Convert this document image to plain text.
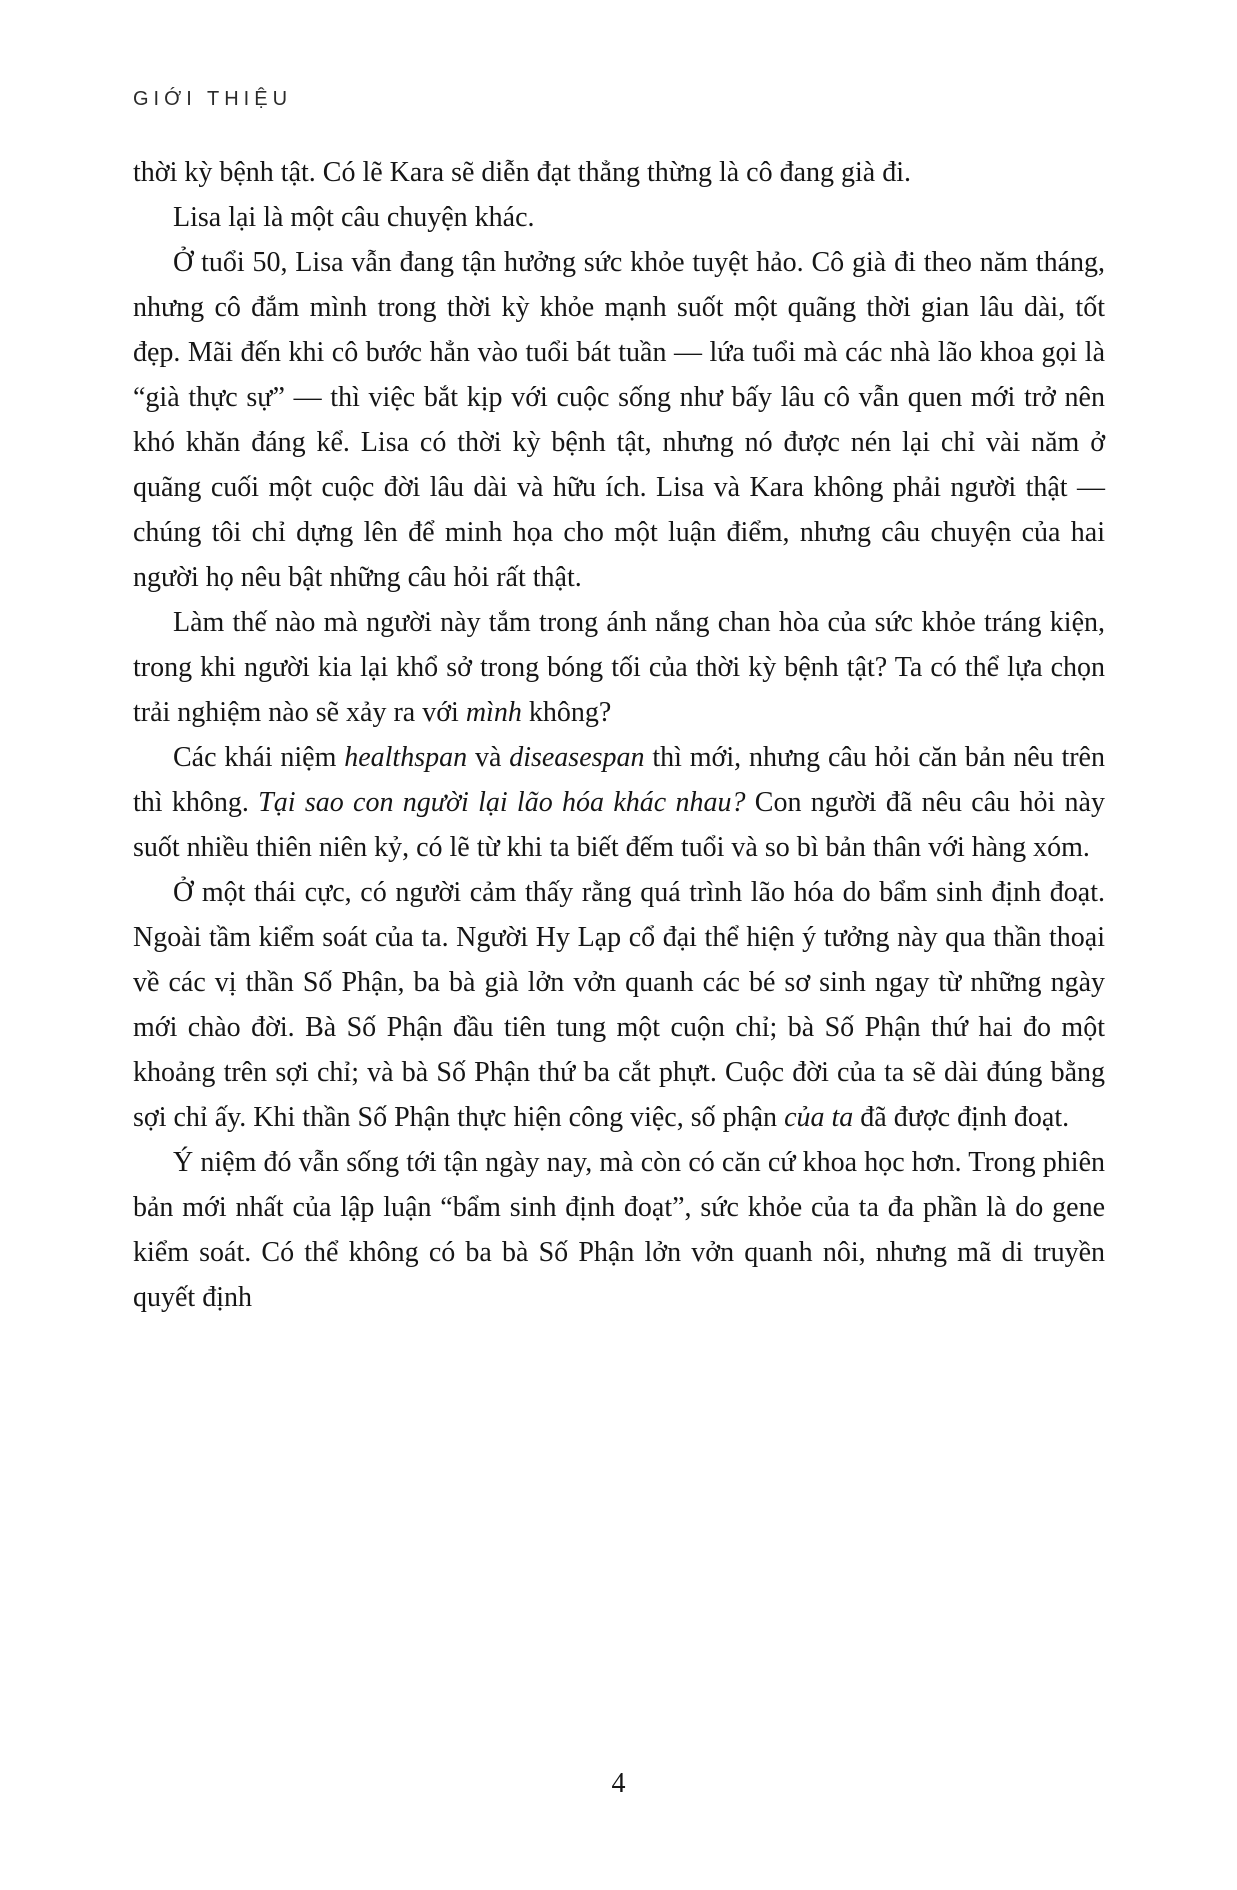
GIỚI THIỆU

thời kỳ bệnh tật. Có lẽ Kara sẽ diễn đạt thẳng thừng là cô đang già đi.

Lisa lại là một câu chuyện khác.

Ở tuổi 50, Lisa vẫn đang tận hưởng sức khỏe tuyệt hảo. Cô già đi theo năm tháng, nhưng cô đắm mình trong thời kỳ khỏe mạnh suốt một quãng thời gian lâu dài, tốt đẹp. Mãi đến khi cô bước hẳn vào tuổi bát tuần — lứa tuổi mà các nhà lão khoa gọi là “già thực sự” — thì việc bắt kịp với cuộc sống như bấy lâu cô vẫn quen mới trở nên khó khăn đáng kể. Lisa có thời kỳ bệnh tật, nhưng nó được nén lại chỉ vài năm ở quãng cuối một cuộc đời lâu dài và hữu ích. Lisa và Kara không phải người thật — chúng tôi chỉ dựng lên để minh họa cho một luận điểm, nhưng câu chuyện của hai người họ nêu bật những câu hỏi rất thật.

Làm thế nào mà người này tắm trong ánh nắng chan hòa của sức khỏe tráng kiện, trong khi người kia lại khổ sở trong bóng tối của thời kỳ bệnh tật? Ta có thể lựa chọn trải nghiệm nào sẽ xảy ra với mình không?

Các khái niệm healthspan và diseasespan thì mới, nhưng câu hỏi căn bản nêu trên thì không. Tại sao con người lại lão hóa khác nhau? Con người đã nêu câu hỏi này suốt nhiều thiên niên kỷ, có lẽ từ khi ta biết đếm tuổi và so bì bản thân với hàng xóm.

Ở một thái cực, có người cảm thấy rằng quá trình lão hóa do bẩm sinh định đoạt. Ngoài tầm kiểm soát của ta. Người Hy Lạp cổ đại thể hiện ý tưởng này qua thần thoại về các vị thần Số Phận, ba bà già lởn vởn quanh các bé sơ sinh ngay từ những ngày mới chào đời. Bà Số Phận đầu tiên tung một cuộn chỉ; bà Số Phận thứ hai đo một khoảng trên sợi chỉ; và bà Số Phận thứ ba cắt phựt. Cuộc đời của ta sẽ dài đúng bằng sợi chỉ ấy. Khi thần Số Phận thực hiện công việc, số phận của ta đã được định đoạt.

Ý niệm đó vẫn sống tới tận ngày nay, mà còn có căn cứ khoa học hơn. Trong phiên bản mới nhất của lập luận “bẩm sinh định đoạt”, sức khỏe của ta đa phần là do gene kiểm soát. Có thể không có ba bà Số Phận lởn vởn quanh nôi, nhưng mã di truyền quyết định

4
